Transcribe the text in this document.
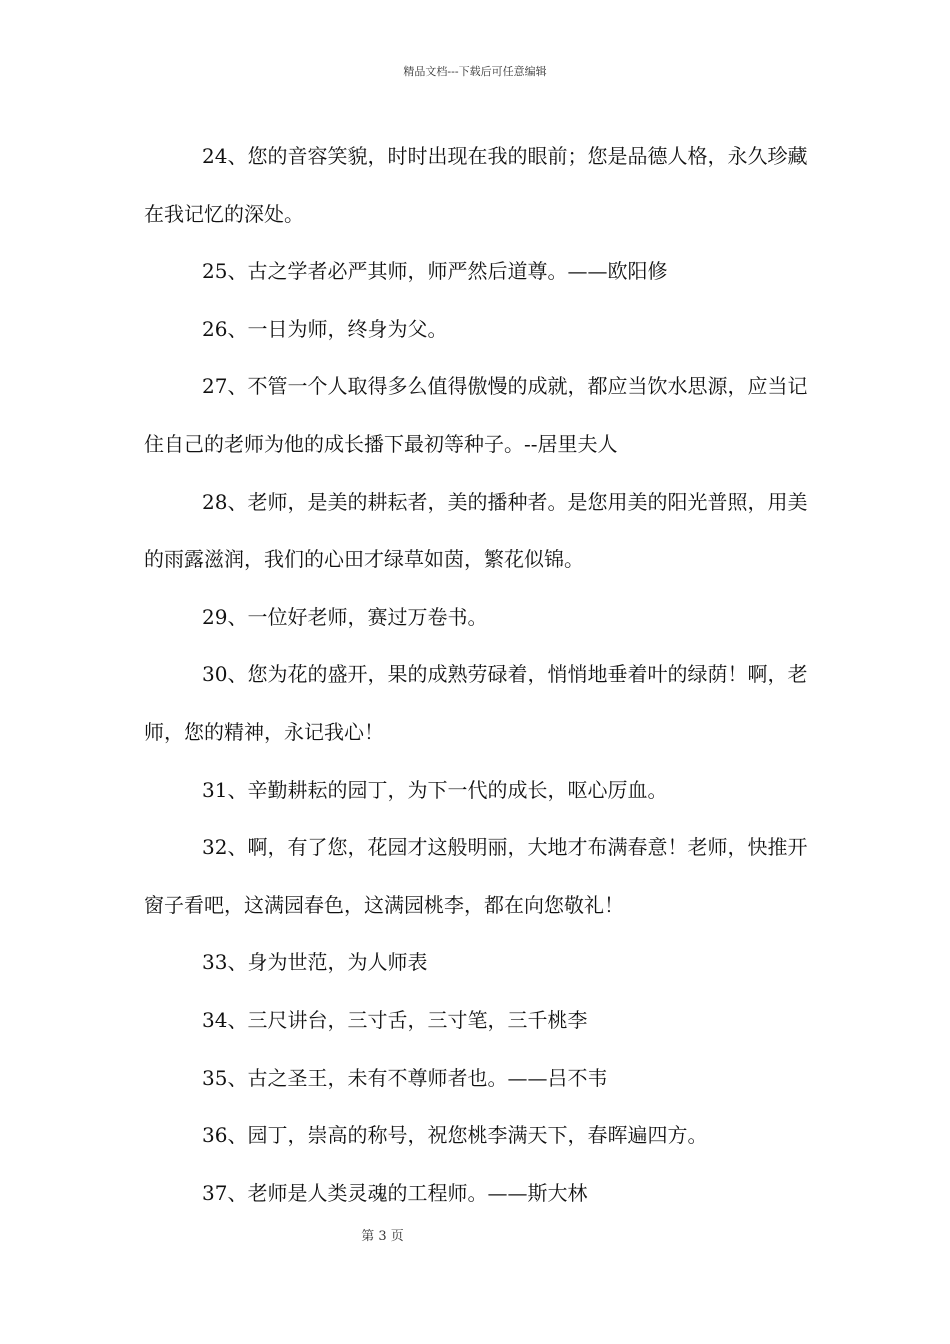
精品文档---下载后可任意编辑

24、您的音容笑貌，时时出现在我的眼前；您是品德人格，永久珍藏在我记忆的深处。

25、古之学者必严其师，师严然后道尊。——欧阳修

26、一日为师，终身为父。

27、不管一个人取得多么值得傲慢的成就，都应当饮水思源，应当记住自己的老师为他的成长播下最初等种子。--居里夫人

28、老师，是美的耕耘者，美的播种者。是您用美的阳光普照，用美的雨露滋润，我们的心田才绿草如茵，繁花似锦。

29、一位好老师，赛过万卷书。

30、您为花的盛开，果的成熟劳碌着，悄悄地垂着叶的绿荫！啊，老师，您的精神，永记我心！

31、辛勤耕耘的园丁，为下一代的成长，呕心厉血。

32、啊，有了您，花园才这般明丽，大地才布满春意！老师，快推开窗子看吧，这满园春色，这满园桃李，都在向您敬礼！

33、身为世范，为人师表

34、三尺讲台，三寸舌，三寸笔，三千桃李

35、古之圣王，未有不尊师者也。——吕不韦

36、园丁，崇高的称号，祝您桃李满天下，春晖遍四方。

37、老师是人类灵魂的工程师。——斯大林

第 3 页
